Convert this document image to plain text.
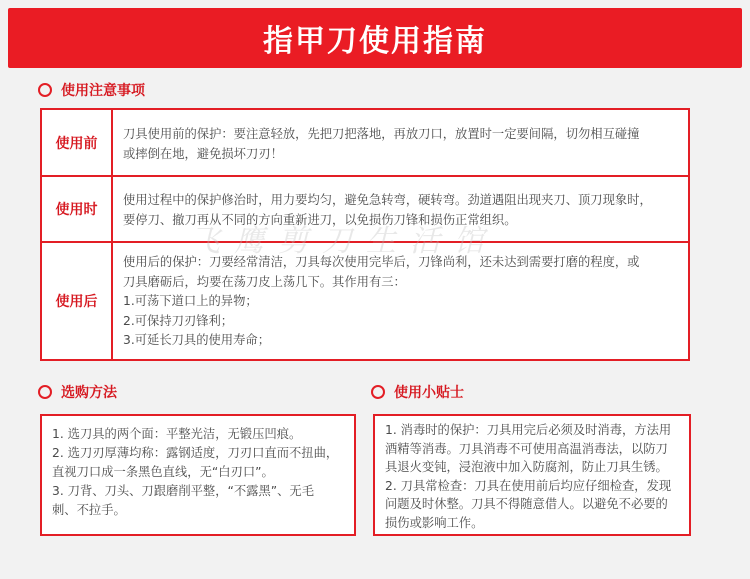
指甲刀使用指南
使用注意事项
使用前
刀具使用前的保护：要注意轻放，先把刀把落地，再放刀口，放置时一定要间隔，切勿相互碰撞
或摔倒在地，避免损坏刀刃！
使用时
使用过程中的保护修治时，用力要均匀，避免急转弯，硬转弯。劲道遇阻出现夹刀、顶刀现象时，
要停刀、撤刀再从不同的方向重新进刀，以免损伤刀锋和损伤正常组织。
使用后
使用后的保护：刀要经常清洁，刀具每次使用完毕后，刀锋尚利，还未达到需要打磨的程度，或
刀具磨砺后，均要在荡刀皮上荡几下。其作用有三：
1.可荡下道口上的异物；
2.可保持刀刃锋利；
3.可延长刀具的使用寿命；
飞鹰剪刀生活馆
选购方法
1. 选刀具的两个面：平整光洁，无锻压凹痕。
2. 选刀刃厚薄均称：露钢适度，刀刃口直而不扭曲，
直视刀口成一条黑色直线，无“白刃口”。
3. 刀背、刀头、刀跟磨削平整，“不露黑”、无毛
刺、不拉手。
使用小贴士
1. 消毒时的保护：刀具用完后必须及时消毒，方法用
酒精等消毒。刀具消毒不可使用高温消毒法，以防刀
具退火变钝，浸泡液中加入防腐剂，防止刀具生锈。
2. 刀具常检查：刀具在使用前后均应仔细检查，发现
问题及时休整。刀具不得随意借人。以避免不必要的
损伤或影响工作。
